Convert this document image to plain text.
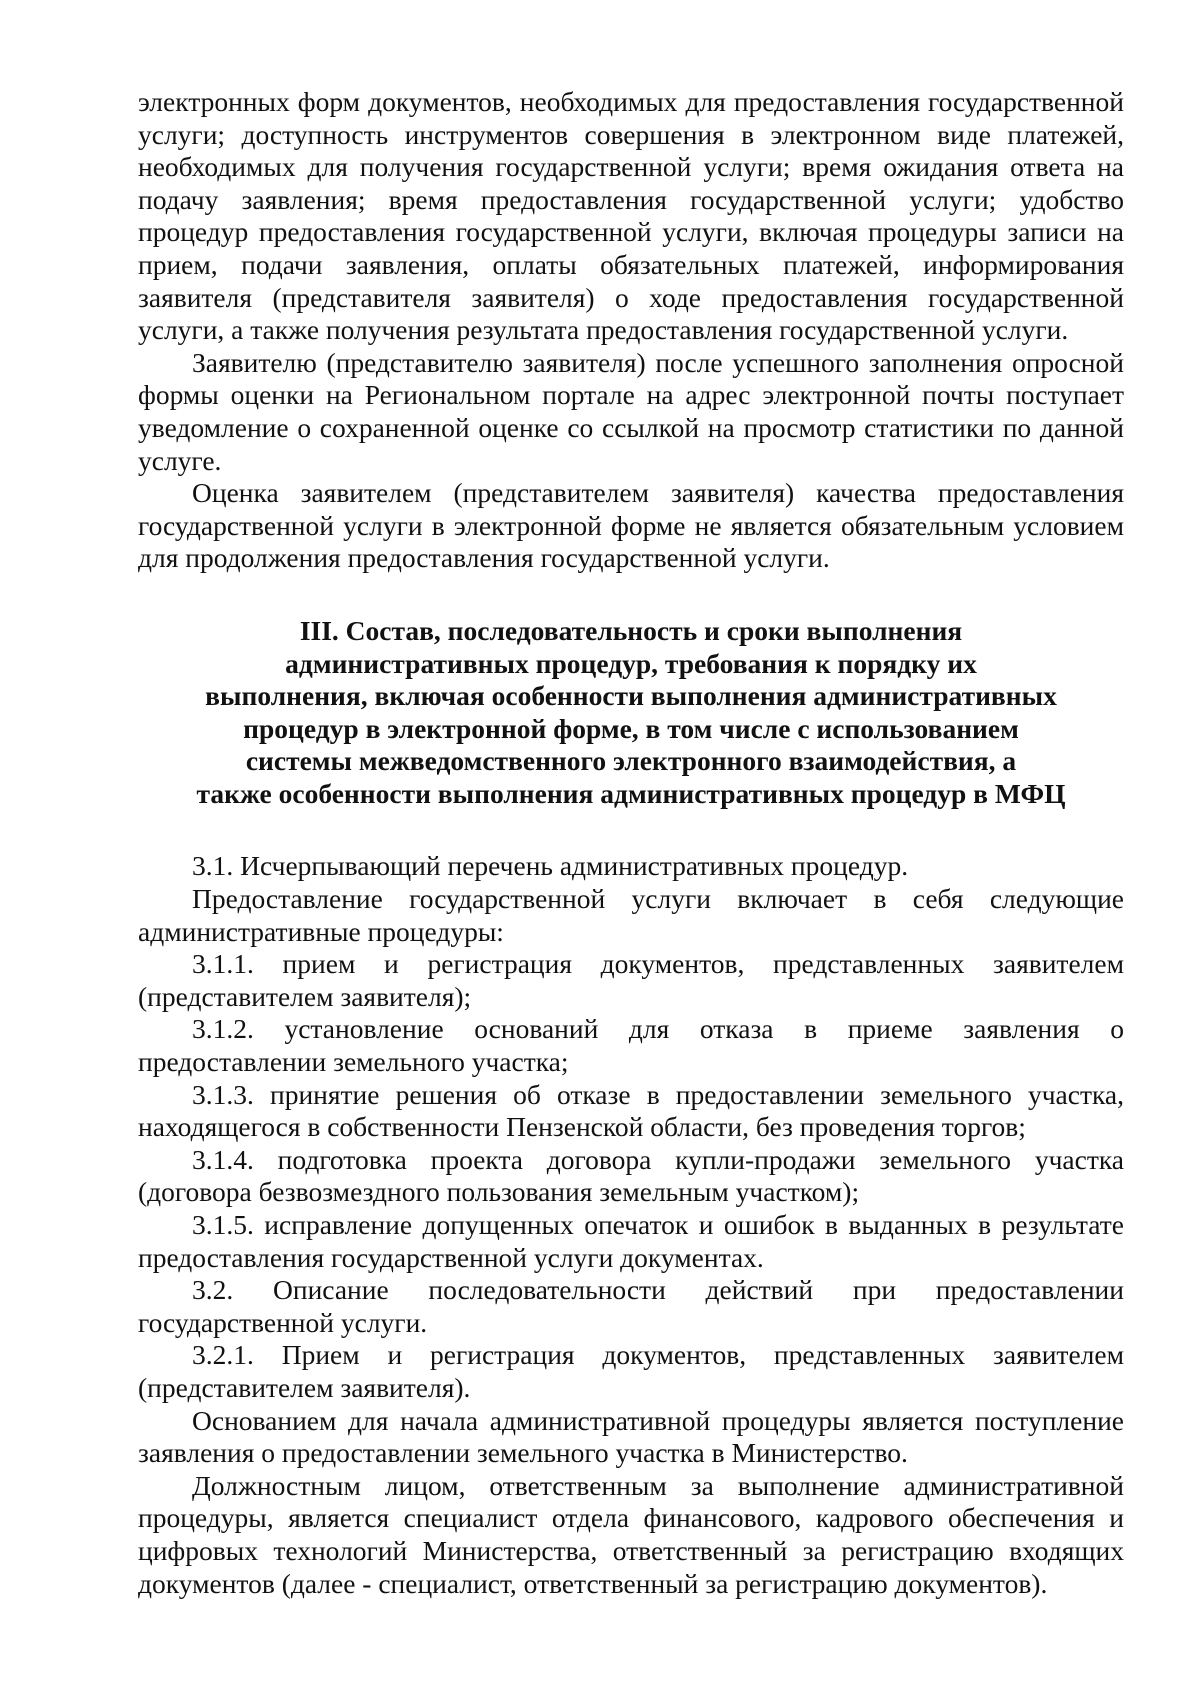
электронных форм документов, необходимых для предоставления государственной услуги; доступность инструментов совершения в электронном виде платежей, необходимых для получения государственной услуги; время ожидания ответа на подачу заявления; время предоставления государственной услуги; удобство процедур предоставления государственной услуги, включая процедуры записи на прием, подачи заявления, оплаты обязательных платежей, информирования заявителя (представителя заявителя) о ходе предоставления государственной услуги, а также получения результата предоставления государственной услуги.

Заявителю (представителю заявителя) после успешного заполнения опросной формы оценки на Региональном портале на адрес электронной почты поступает уведомление о сохраненной оценке со ссылкой на просмотр статистики по данной услуге.

Оценка заявителем (представителем заявителя) качества предоставления государственной услуги в электронной форме не является обязательным условием для продолжения предоставления государственной услуги.

III. Состав, последовательность и сроки выполнения
административных процедур, требования к порядку их
выполнения, включая особенности выполнения административных
процедур в электронной форме, в том числе с использованием
системы межведомственного электронного взаимодействия, а
также особенности выполнения административных процедур в МФЦ

3.1. Исчерпывающий перечень административных процедур.

Предоставление государственной услуги включает в себя следующие административные процедуры:

3.1.1. прием и регистрация документов, представленных заявителем (представителем заявителя);

3.1.2. установление оснований для отказа в приеме заявления о предоставлении земельного участка;

3.1.3. принятие решения об отказе в предоставлении земельного участка, находящегося в собственности Пензенской области, без проведения торгов;

3.1.4. подготовка проекта договора купли-продажи земельного участка (договора безвозмездного пользования земельным участком);

3.1.5. исправление допущенных опечаток и ошибок в выданных в результате предоставления государственной услуги документах.

3.2. Описание последовательности действий при предоставлении государственной услуги.

3.2.1. Прием и регистрация документов, представленных заявителем (представителем заявителя).

Основанием для начала административной процедуры является поступление заявления о предоставлении земельного участка в Министерство.

Должностным лицом, ответственным за выполнение административной процедуры, является специалист отдела финансового, кадрового обеспечения и цифровых технологий Министерства, ответственный за регистрацию входящих документов (далее - специалист, ответственный за регистрацию документов).
